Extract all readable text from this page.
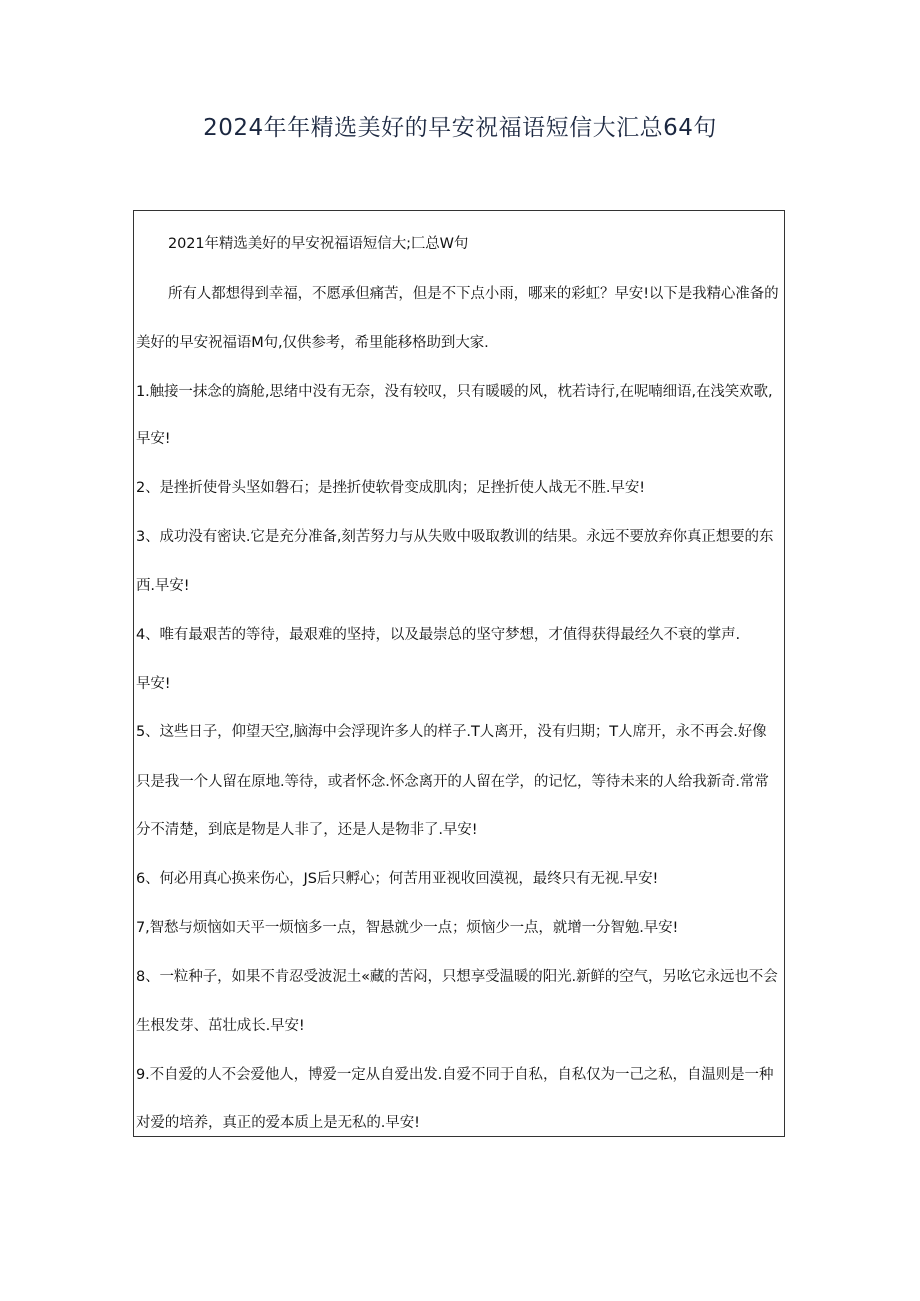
2024年年精选美好的早安祝福语短信大汇总64句
2021年精选美好的早安祝福语短信大;匚总W句
所有人都想得到幸福，不愿承但痛苦，但是不下点小雨，哪来的彩虹？早安!以下是我精心准备的
美好的早安祝福语M句,仅供参考，希里能移格助到大家.
1.触接一抹念的旖舱,思绪中没有无奈，没有较叹，只有暖暖的风，枕若诗行,在呢喃细语,在浅笑欢歌,
早安!
2、是挫折使骨头坚如磐石；是挫折使软骨变成肌肉；足挫折使人战无不胜.早安!
3、成功没有密诀.它是充分准备,刻苦努力与从失败中吸取教训的结果。永远不要放弃你真正想要的东
西.早安!
4、唯有最艰苦的等待，最艰难的坚持，以及最崇总的坚守梦想，才值得获得最经久不衰的掌声.
早安!
5、这些日子，仰望天空,脑海中会浮现许多人的样子.T人离开，没有归期；T人席开，永不再会.好像
只是我一个人留在原地.等待，或者怀念.怀念离开的人留在学，的记忆，等待未来的人给我新奇.常常
分不清楚，到底是物是人非了，还是人是物非了.早安!
6、何必用真心换来伤心，JS后只孵心；何苦用亚视收回漠视，最终只有无视.早安!
7,智愁与烦恼如天平一烦恼多一点，智悬就少一点；烦恼少一点，就增一分智勉.早安!
8、一粒种子，如果不肯忍受波泥土«藏的苦闷，只想享受温暖的阳光.新鲜的空气，另吆它永远也不会
生根发芽、茁壮成长.早安!
9.不自爱的人不会爱他人，博爱一定从自爱出发.自爱不同于自私，自私仅为一己之私，自温则是一种
对爱的培养，真正的爱本质上是无私的.早安!
